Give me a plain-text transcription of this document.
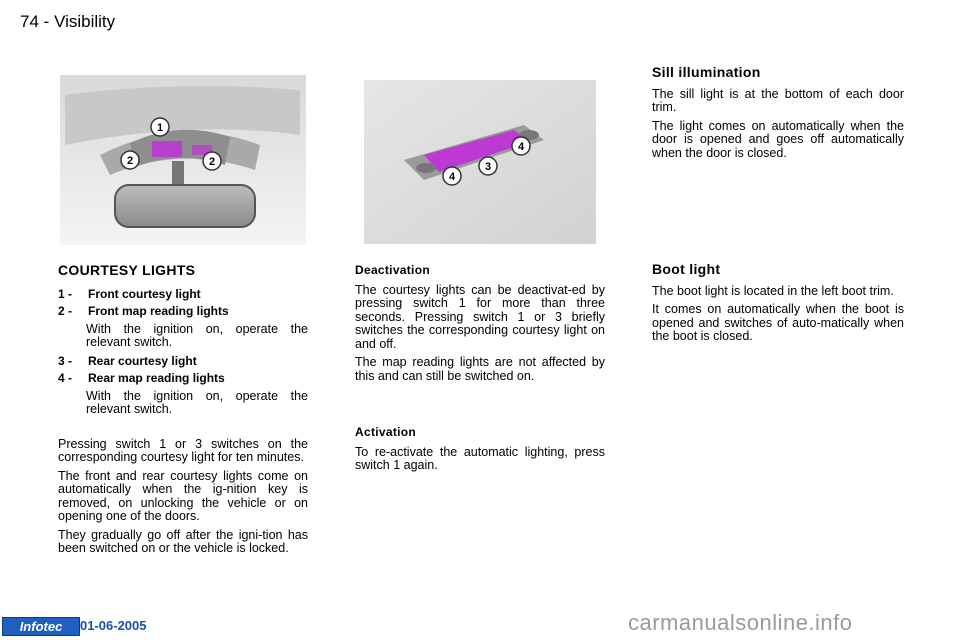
74 - Visibility
1
2	2
4
3
4
COURTESY LIGHTS
1 -	Front courtesy light
2 -	Front map reading lights

With the ignition on, operate the relevant switch.

3 -	Rear courtesy light
4 -	Rear map reading lights

With the ignition on, operate the relevant switch.

Pressing switch 1 or 3 switches on the corresponding courtesy light for ten minutes.

The front and rear courtesy lights come on automatically when the ig-nition key is removed, on unlocking the vehicle or on opening one of the doors.

They gradually go off after the igni-tion has been switched on or the vehicle is locked.

Deactivation

The courtesy lights can be deactivat-ed by pressing switch 1 for more than three seconds. Pressing switch 1 or 3 briefly switches the corresponding courtesy light on and off.

The map reading lights are not affected by this and can still be switched on.

Activation

To re-activate the automatic lighting, press switch 1 again.

Sill illumination

The sill light is at the bottom of each door trim.

The light comes on automatically when the door is opened and goes off automatically when the door is closed.

Boot light

The boot light is located in the left boot trim.

It comes on automatically when the boot is opened and switches of auto-matically when the boot is closed.

Infotec	01-06-2005	carmanualsonline.info
